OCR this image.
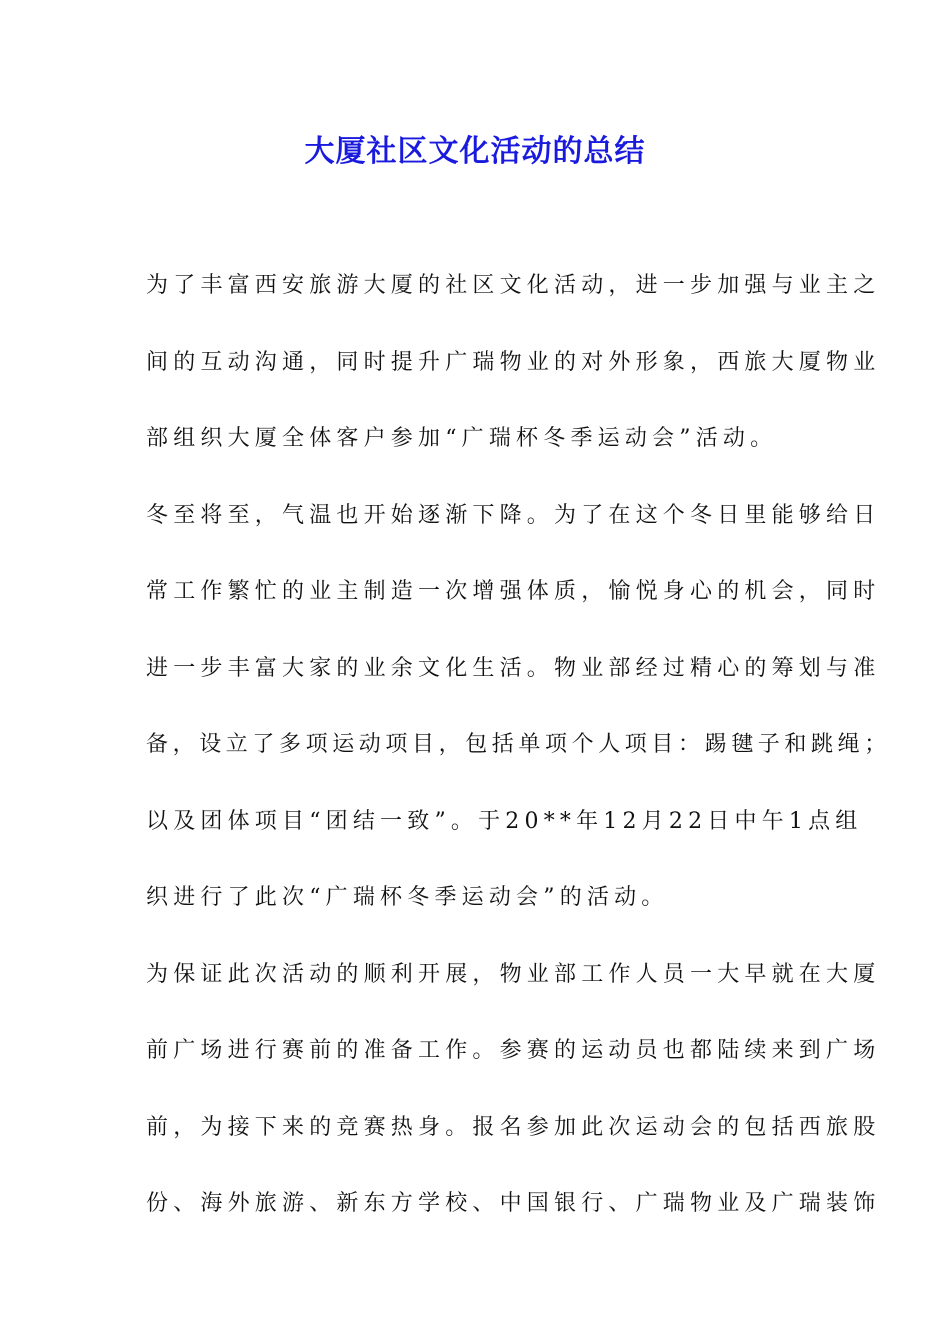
大厦社区文化活动的总结
为了丰富西安旅游大厦的社区文化活动，进一步加强与业主之
间的互动沟通，同时提升广瑞物业的对外形象，西旅大厦物业
部组织大厦全体客户参加“广瑞杯冬季运动会”活动。
冬至将至，气温也开始逐渐下降。为了在这个冬日里能够给日
常工作繁忙的业主制造一次增强体质，愉悦身心的机会，同时
进一步丰富大家的业余文化生活。物业部经过精心的筹划与准
备，设立了多项运动项目，包括单项个人项目：踢毽子和跳绳；
以及团体项目“团结一致”。于20**年12月22日中午1点组
织进行了此次“广瑞杯冬季运动会”的活动。
为保证此次活动的顺利开展，物业部工作人员一大早就在大厦
前广场进行赛前的准备工作。参赛的运动员也都陆续来到广场
前，为接下来的竞赛热身。报名参加此次运动会的包括西旅股
份、海外旅游、新东方学校、中国银行、广瑞物业及广瑞装饰
